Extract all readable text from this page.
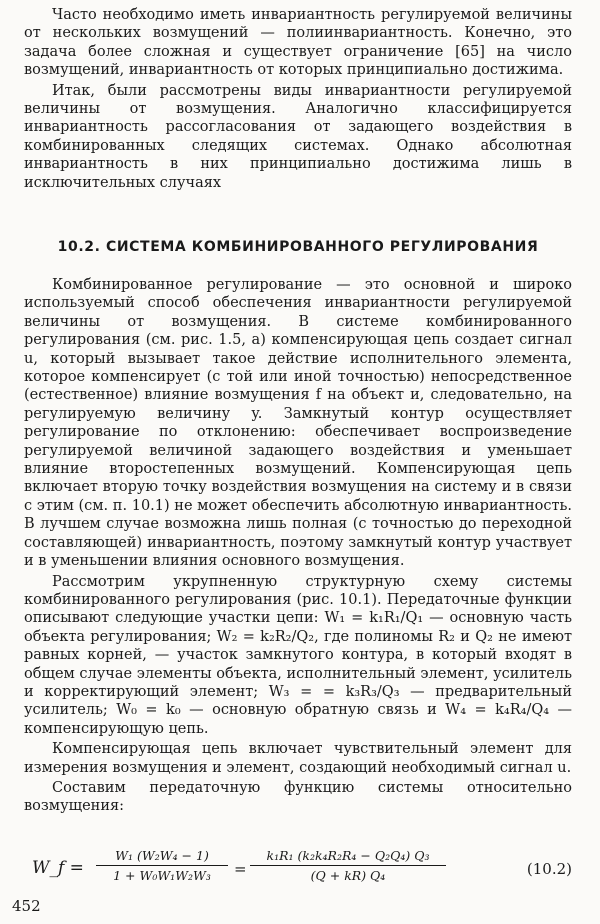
Часто необходимо иметь инвариантность регулируемой величины от нескольких возмущений — полиинвариантность. Конечно, это задача более сложная и существует ограничение [65] на число возмущений, инвариантность от которых принципиально достижима.

Итак, были рассмотрены виды инвариантности регулируемой величины от возмущения. Аналогично классифицируется инвариантность рассогласования от задающего воздействия в комбинированных следящих системах. Однако абсолютная инвариантность в них принципиально достижима лишь в исключительных случаях

10.2. СИСТЕМА КОМБИНИРОВАННОГО РЕГУЛИРОВАНИЯ

Комбинированное регулирование — это основной и широко используемый способ обеспечения инвариантности регулируемой величины от возмущения. В системе комбинированного регулирования (см. рис. 1.5, a) компенсирующая цепь создает сигнал u, который вызывает такое действие исполнительного элемента, которое компенсирует (с той или иной точностью) непосредственное (естественное) влияние возмущения f на объект и, следовательно, на регулируемую величину y. Замкнутый контур осуществляет регулирование по отклонению: обеспечивает воспроизведение регулируемой величиной задающего воздействия и уменьшает влияние второстепенных возмущений. Компенсирующая цепь включает вторую точку воздействия возмущения на систему и в связи с этим (см. п. 10.1) не может обеспечить абсолютную инвариантность. В лучшем случае возможна лишь полная (с точностью до переходной составляющей) инвариантность, поэтому замкнутый контур участвует и в уменьшении влияния основного возмущения.

Рассмотрим укрупненную структурную схему системы комбинированного регулирования (рис. 10.1). Передаточные функции описывают следующие участки цепи: W₁ = k₁R₁/Q₁ — основную часть объекта регулирования; W₂ = k₂R₂/Q₂, где полиномы R₂ и Q₂ не имеют равных корней, — участок замкнутого контура, в который входят в общем случае элементы объекта, исполнительный элемент, усилитель и корректирующий элемент; W₃ = = k₃R₃/Q₃ — предварительный усилитель; W₀ = k₀ — основную обратную связь и W₄ = k₄R₄/Q₄ — компенсирующую цепь.

Компенсирующая цепь включает чувствительный элемент для измерения возмущения и элемент, создающий необходимый сигнал u.

Составим передаточную функцию системы относительно возмущения:

W_f = $\frac{\text{W₁ (W₂W₄ − 1)}}{\text{1 + W₀W₁W₂W₃}} = \frac{\text{k₁R₁ (k₂k₄R₂R₄ − Q₂Q₄) Q₃}}{\text{(Q + kR) Q₄}}$	(10.2)
452
